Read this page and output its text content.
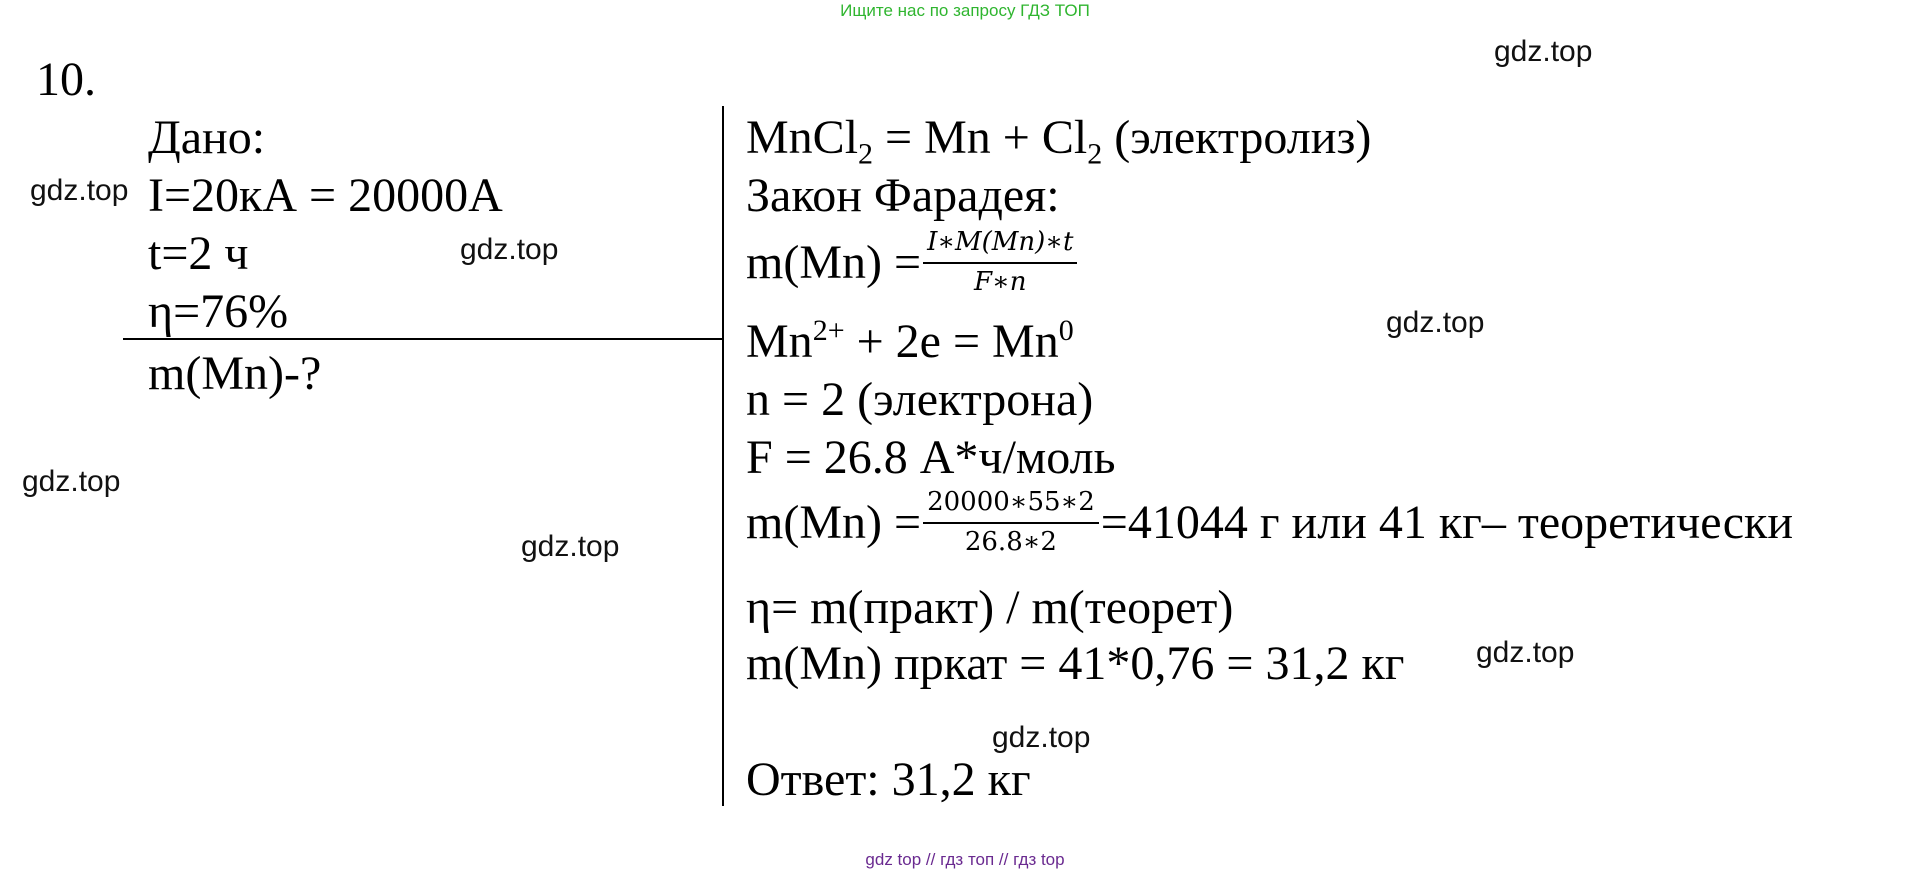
Ищите нас по запросу ГДЗ ТОП
10.
Дано:
I=20кА = 20000А
t=2 ч
η=76%
m(Mn)-?
MnCl$_2$ = $Mn + Cl_2$ (электролиз)
Закон Фарадея:
$m(Mn) = \frac{I∗M(Mn)∗t}{F∗n}$
$Mn^{2+} + 2e = Mn^0$
n = 2 (электрона)
F = 26.8 А*ч/моль
$m(Mn) = \frac{20000∗55∗2}{26.8∗2} =41044$ г или 41 кг– теоретически
η= m(практ) / m(теорет)
m(Mn) пркат = 41*0,76 = 31,2 кг
Ответ: 31,2 кг
gdz.top
gdz.top
gdz.top
gdz.top
gdz.top
gdz.top
gdz.top
gdz.top
gdz top // гдз топ // гдз top
